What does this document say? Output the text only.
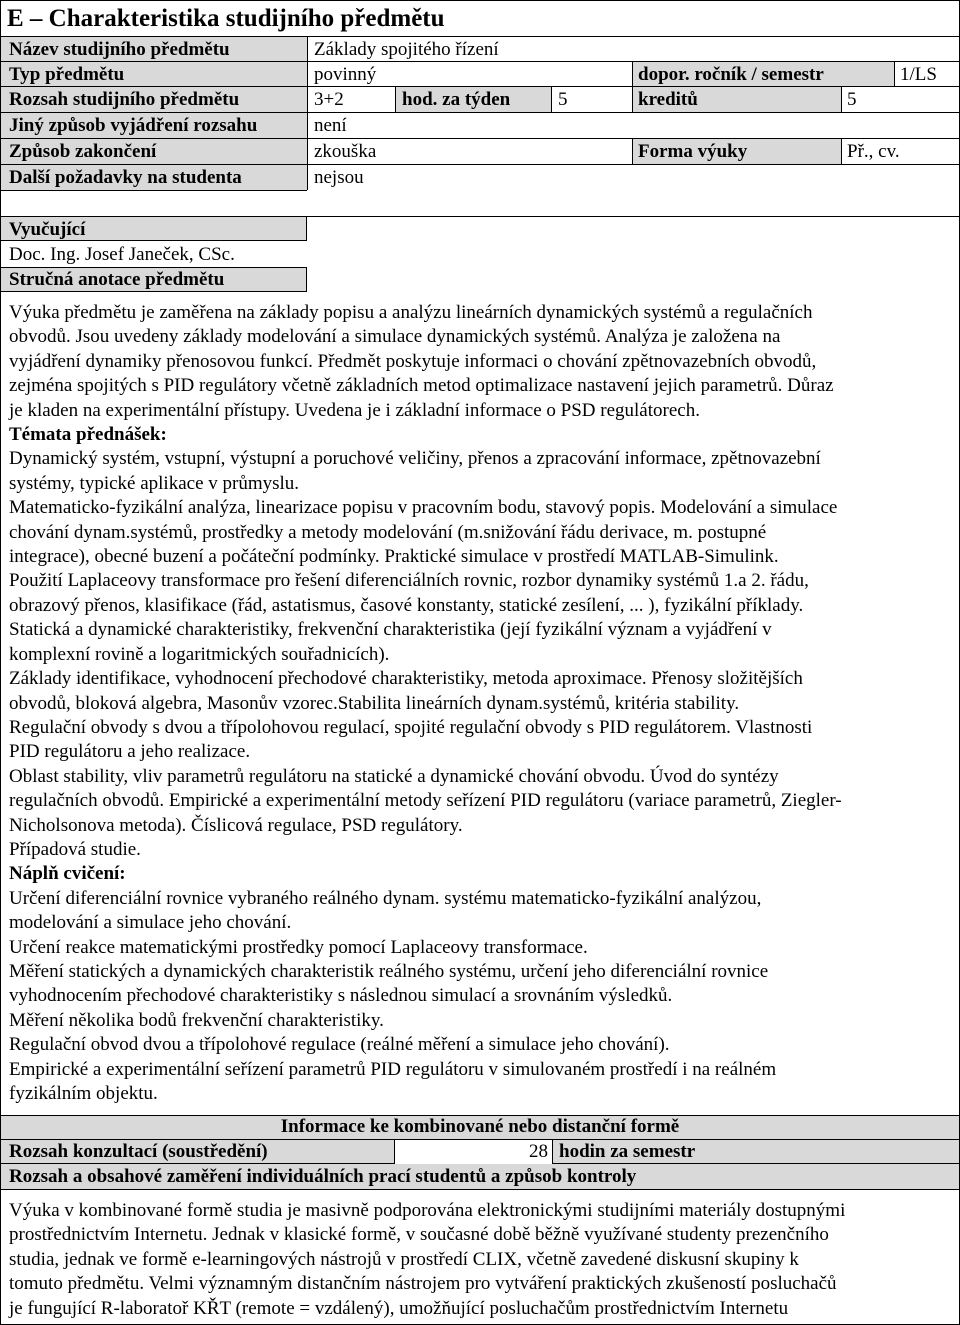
E – Charakteristika studijního předmětu
Název studijního předmětu	Základy spojitého řízení
Typ předmětu	povinný	dopor. ročník / semestr	1/LS
Rozsah studijního předmětu	3+2	hod. za týden	5	kreditů	5
Jiný způsob vyjádření rozsahu	není
Způsob zakončení	zkouška	Forma výuky	Př., cv.
Další požadavky na studenta	nejsou
Vyučující
Doc. Ing. Josef Janeček, CSc.
Stručná anotace předmětu
Výuka předmětu je zaměřena na základy popisu a analýzu lineárních dynamických systémů a regulačních
obvodů. Jsou uvedeny základy modelování a simulace dynamických systémů. Analýza je založena na
vyjádření dynamiky přenosovou funkcí. Předmět poskytuje informaci o chování zpětnovazebních obvodů,
zejména spojitých s PID regulátory včetně základních metod optimalizace nastavení jejich parametrů. Důraz
je kladen na experimentální přístupy. Uvedena je i základní informace o PSD regulátorech.
Témata přednášek:
Dynamický systém, vstupní, výstupní a poruchové veličiny, přenos a zpracování informace, zpětnovazební
systémy, typické aplikace v průmyslu.
Matematicko-fyzikální analýza, linearizace popisu v pracovním bodu, stavový popis. Modelování a simulace
chování dynam.systémů, prostředky a metody modelování (m.snižování řádu derivace, m. postupné
integrace), obecné buzení a počáteční podmínky. Praktické simulace v prostředí MATLAB-Simulink.
Použití Laplaceovy transformace pro řešení diferenciálních rovnic, rozbor dynamiky systémů 1.a 2. řádu,
obrazový přenos, klasifikace (řád, astatismus, časové konstanty, statické zesílení, ... ), fyzikální příklady.
Statická a dynamické charakteristiky, frekvenční charakteristika (její fyzikální význam a vyjádření v
komplexní rovině a logaritmických souřadnicích).
Základy identifikace, vyhodnocení přechodové charakteristiky, metoda aproximace. Přenosy složitějších
obvodů, bloková algebra, Masonův vzorec.Stabilita lineárních dynam.systémů, kritéria stability.
Regulační obvody s dvou a třípolohovou regulací, spojité regulační obvody s PID regulátorem. Vlastnosti
PID regulátoru a jeho realizace.
Oblast stability, vliv parametrů regulátoru na statické a dynamické chování obvodu. Úvod do syntézy
regulačních obvodů. Empirické a experimentální metody seřízení PID regulátoru (variace parametrů, Ziegler-
Nicholsonova metoda). Číslicová regulace, PSD regulátory.
Případová studie.
Náplň cvičení:
Určení diferenciální rovnice vybraného reálného dynam. systému matematicko-fyzikální analýzou,
modelování a simulace jeho chování.
Určení reakce matematickými prostředky pomocí Laplaceovy transformace.
Měření statických a dynamických charakteristik reálného systému, určení jeho diferenciální rovnice
vyhodnocením přechodové charakteristiky s následnou simulací a srovnáním výsledků.
Měření několika bodů frekvenční charakteristiky.
Regulační obvod dvou a třípolohové regulace (reálné měření a simulace jeho chování).
Empirické a experimentální seřízení parametrů PID regulátoru v simulovaném prostředí i na reálném
fyzikálním objektu.
Informace ke kombinované nebo distanční formě
Rozsah konzultací (soustředění)	28 hodin za semestr
Rozsah a obsahové zaměření individuálních prací studentů a způsob kontroly
Výuka v kombinované formě studia je masivně podporována elektronickými studijními materiály dostupnými
prostřednictvím Internetu. Jednak v klasické formě, v současné době běžně využívané studenty prezenčního
studia, jednak ve formě e-learningových nástrojů v prostředí CLIX, včetně zavedené diskusní skupiny k
tomuto předmětu. Velmi významným distančním nástrojem pro vytváření praktických zkušeností posluchačů
je fungující R-laboratoř KŘT (remote = vzdálený), umožňující posluchačům prostřednictvím Internetu
